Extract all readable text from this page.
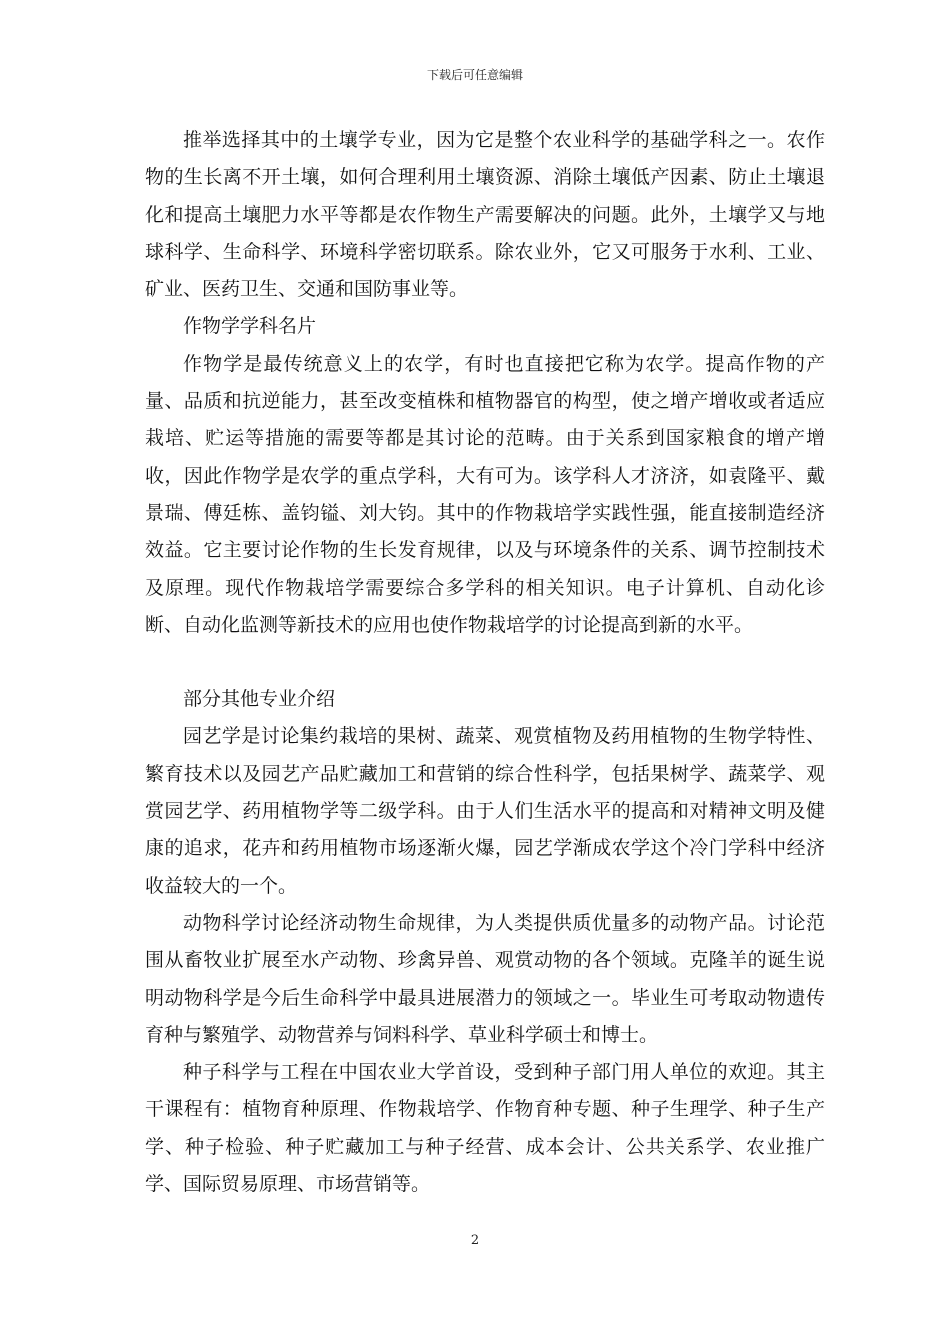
下载后可任意编辑

推举选择其中的土壤学专业，因为它是整个农业科学的基础学科之一。农作物的生长离不开土壤，如何合理利用土壤资源、消除土壤低产因素、防止土壤退化和提高土壤肥力水平等都是农作物生产需要解决的问题。此外，土壤学又与地球科学、生命科学、环境科学密切联系。除农业外，它又可服务于水利、工业、矿业、医药卫生、交通和国防事业等。

作物学学科名片

作物学是最传统意义上的农学，有时也直接把它称为农学。提高作物的产量、品质和抗逆能力，甚至改变植株和植物器官的构型，使之增产增收或者适应栽培、贮运等措施的需要等都是其讨论的范畴。由于关系到国家粮食的增产增收，因此作物学是农学的重点学科，大有可为。该学科人才济济，如袁隆平、戴景瑞、傅廷栋、盖钧镒、刘大钧。其中的作物栽培学实践性强，能直接制造经济效益。它主要讨论作物的生长发育规律，以及与环境条件的关系、调节控制技术及原理。现代作物栽培学需要综合多学科的相关知识。电子计算机、自动化诊断、自动化监测等新技术的应用也使作物栽培学的讨论提高到新的水平。

部分其他专业介绍

园艺学是讨论集约栽培的果树、蔬菜、观赏植物及药用植物的生物学特性、繁育技术以及园艺产品贮藏加工和营销的综合性科学，包括果树学、蔬菜学、观赏园艺学、药用植物学等二级学科。由于人们生活水平的提高和对精神文明及健康的追求，花卉和药用植物市场逐渐火爆，园艺学渐成农学这个冷门学科中经济收益较大的一个。

动物科学讨论经济动物生命规律，为人类提供质优量多的动物产品。讨论范围从畜牧业扩展至水产动物、珍禽异兽、观赏动物的各个领域。克隆羊的诞生说明动物科学是今后生命科学中最具进展潜力的领域之一。毕业生可考取动物遗传育种与繁殖学、动物营养与饲料科学、草业科学硕士和博士。

种子科学与工程在中国农业大学首设，受到种子部门用人单位的欢迎。其主干课程有：植物育种原理、作物栽培学、作物育种专题、种子生理学、种子生产学、种子检验、种子贮藏加工与种子经营、成本会计、公共关系学、农业推广学、国际贸易原理、市场营销等。

2
